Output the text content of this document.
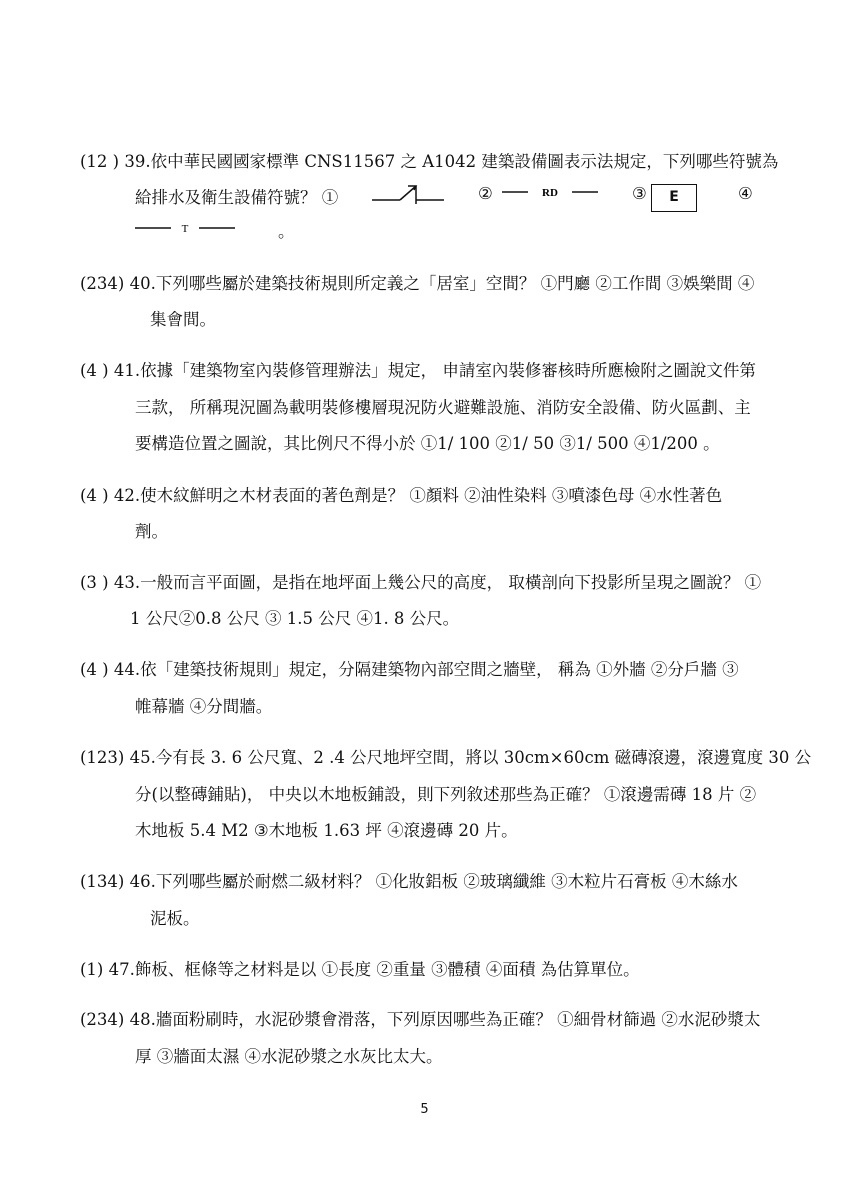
(12 ) 39.依中華民國國家標準 CNS11567 之 A1042 建築設備圖表示法規定，下列哪些符號為
給排水及衛生設備符號？ ①	②	RD	③	E	④
T	。
(234) 40.下列哪些屬於建築技術規則所定義之「居室」空間？ ①門廳 ②工作間 ③娛樂間 ④
集會間。
(4 ) 41.依據「建築物室內裝修管理辦法」規定， 申請室內裝修審核時所應檢附之圖說文件第
三款， 所稱現況圖為載明裝修樓層現況防火避難設施、消防安全設備、防火區劃、主
要構造位置之圖說，其比例尺不得小於 ①1/ 100 ②1/ 50 ③1/ 500 ④1/200 。
(4 ) 42.使木紋鮮明之木材表面的著色劑是？ ①顏料 ②油性染料 ③噴漆色母 ④水性著色
劑。
(3 ) 43.一般而言平面圖，是指在地坪面上幾公尺的高度， 取橫剖向下投影所呈現之圖說？ ①
1 公尺②0.8 公尺 ③ 1.5 公尺 ④1. 8 公尺。
(4 ) 44.依「建築技術規則」規定，分隔建築物內部空間之牆壁， 稱為 ①外牆 ②分戶牆 ③
帷幕牆 ④分間牆。
(123) 45.今有長 3. 6 公尺寬、2 .4 公尺地坪空間，將以 30cm×60cm 磁磚滾邊，滾邊寬度 30 公
分(以整磚鋪貼)， 中央以木地板鋪設，則下列敘述那些為正確？ ①滾邊需磚 18 片 ②
木地板 5.4 M2 ③木地板 1.63 坪 ④滾邊磚 20 片。
(134) 46.下列哪些屬於耐燃二級材料？ ①化妝鋁板 ②玻璃纖維 ③木粒片石膏板 ④木絲水
泥板。
(1) 47.飾板、框條等之材料是以 ①長度 ②重量 ③體積 ④面積 為估算單位。
(234) 48.牆面粉刷時，水泥砂漿會滑落，下列原因哪些為正確？ ①細骨材篩過 ②水泥砂漿太
厚 ③牆面太濕 ④水泥砂漿之水灰比太大。
5
